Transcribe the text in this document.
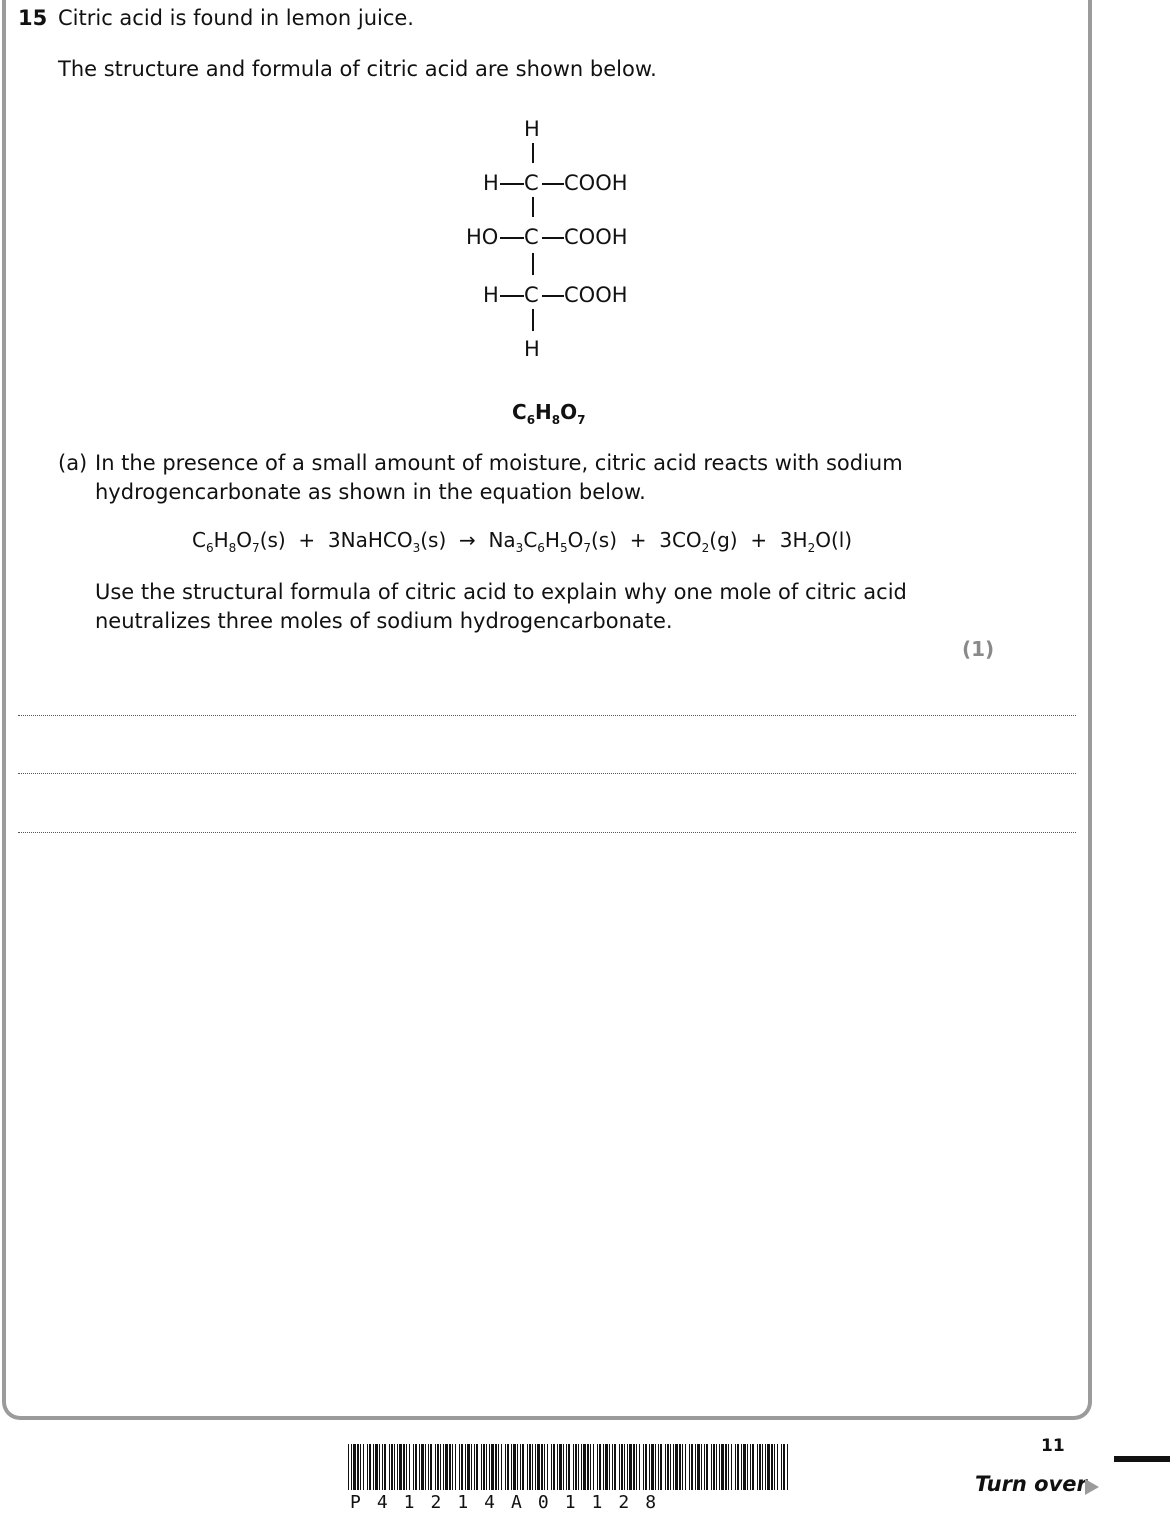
15 Citric acid is found in lemon juice.
The structure and formula of citric acid are shown below.
H
H C COOH
HO C COOH
H C COOH
H
$C_6H_8O_7$
(a) In the presence of a small amount of moisture, citric acid reacts with sodium
hydrogencarbonate as shown in the equation below.
$C_6H_8O_7(s)$  +  3NaHCO$_3$(s)  →  $Na_3C_6H_5O_7(s) + 3CO_2(g) + 3H_2O(l)$
Use the structural formula of citric acid to explain why one mole of citric acid
neutralizes three moles of sodium hydrogencarbonate.
(1)
11
Turn over
P41214A01128
